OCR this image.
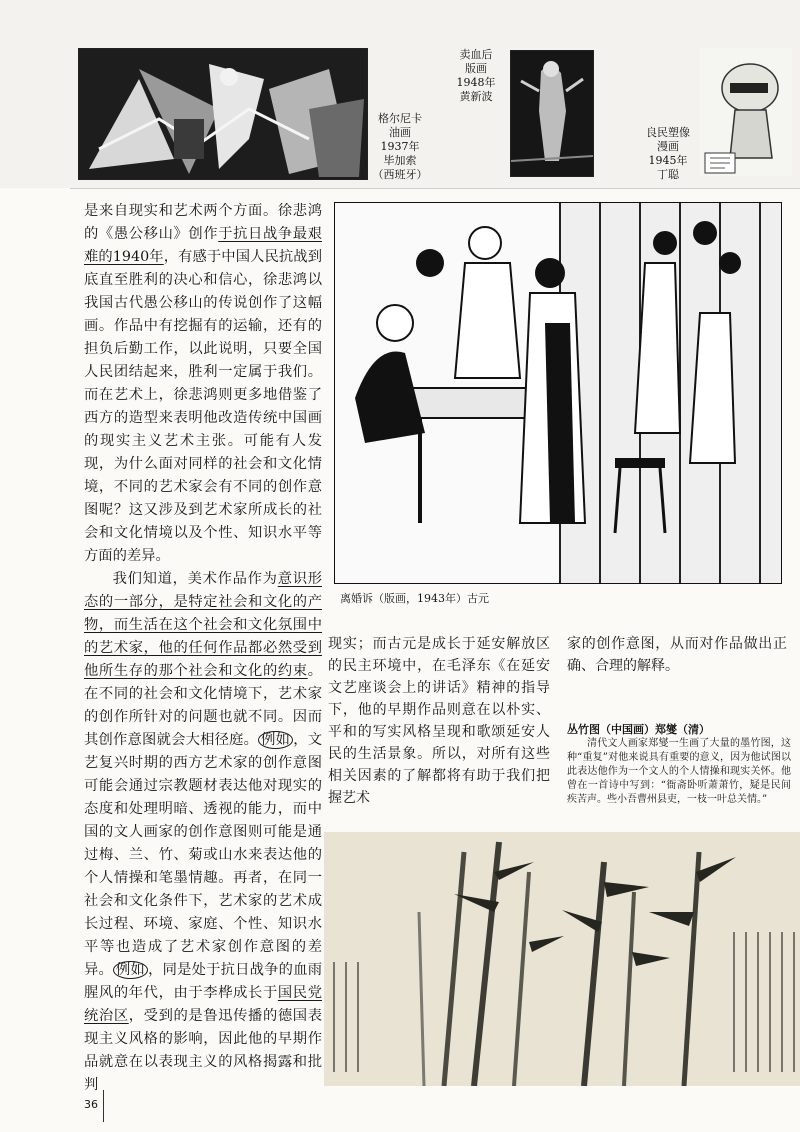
格尔尼卡
油画
1937年
毕加索
（西班牙）
卖血后
版画
1948年
黄新波
良民塑像
漫画
1945年
丁聪

是来自现实和艺术两个方面。徐悲鸿的《愚公移山》创作于抗日战争最艰难的1940年，有感于中国人民抗战到底直至胜利的决心和信心，徐悲鸿以我国古代愚公移山的传说创作了这幅画。作品中有挖掘有的运输，还有的担负后勤工作，以此说明，只要全国人民团结起来，胜利一定属于我们。而在艺术上，徐悲鸿则更多地借鉴了西方的造型来表明他改造传统中国画的现实主义艺术主张。可能有人发现，为什么面对同样的社会和文化情境，不同的艺术家会有不同的创作意图呢？这又涉及到艺术家所成长的社会和文化情境以及个性、知识水平等方面的差异。

我们知道，美术作品作为意识形态的一部分，是特定社会和文化的产物，而生活在这个社会和文化氛围中的艺术家，他的任何作品都必然受到他所生存的那个社会和文化的约束。在不同的社会和文化情境下，艺术家的创作所针对的问题也就不同。因而其创作意图就会大相径庭。 例如 ，文艺复兴时期的西方艺术家的创作意图可能会通过宗教题材表达他对现实的态度和处理明暗、透视的能力，而中国的文人画家的创作意图则可能是通过梅、兰、竹、菊或山水来表达他的个人情操和笔墨情趣。再者，在同一社会和文化条件下，艺术家的艺术成长过程、环境、家庭、个性、知识水平等也造成了艺术家创作意图的差异。 例如 ，同是处于抗日战争的血雨腥风的年代，由于李桦成长于国民党统治区，受到的是鲁迅传播的德国表现主义风格的影响，因此他的早期作品就意在以表现主义的风格揭露和批判

离婚诉（版画，1943年）古元
现实；而古元是成长于延安解放区的民主环境中，在毛泽东《在延安文艺座谈会上的讲话》精神的指导下，他的早期作品则意在以朴实、平和的写实风格呈现和歌颂延安人民的生活景象。所以，对所有这些相关因素的了解都将有助于我们把握艺术
家的创作意图，从而对作品做出正确、合理的解释。
丛竹图（中国画）郑燮（清）
清代文人画家郑燮一生画了大量的墨竹图，这种“重复”对他来说具有重要的意义，因为他试图以此表达他作为一个文人的个人情操和现实关怀。他曾在一首诗中写到：“衙斋卧听萧萧竹，疑是民间疾苦声。些小吾曹州县吏，一枝一叶总关情。”
36
